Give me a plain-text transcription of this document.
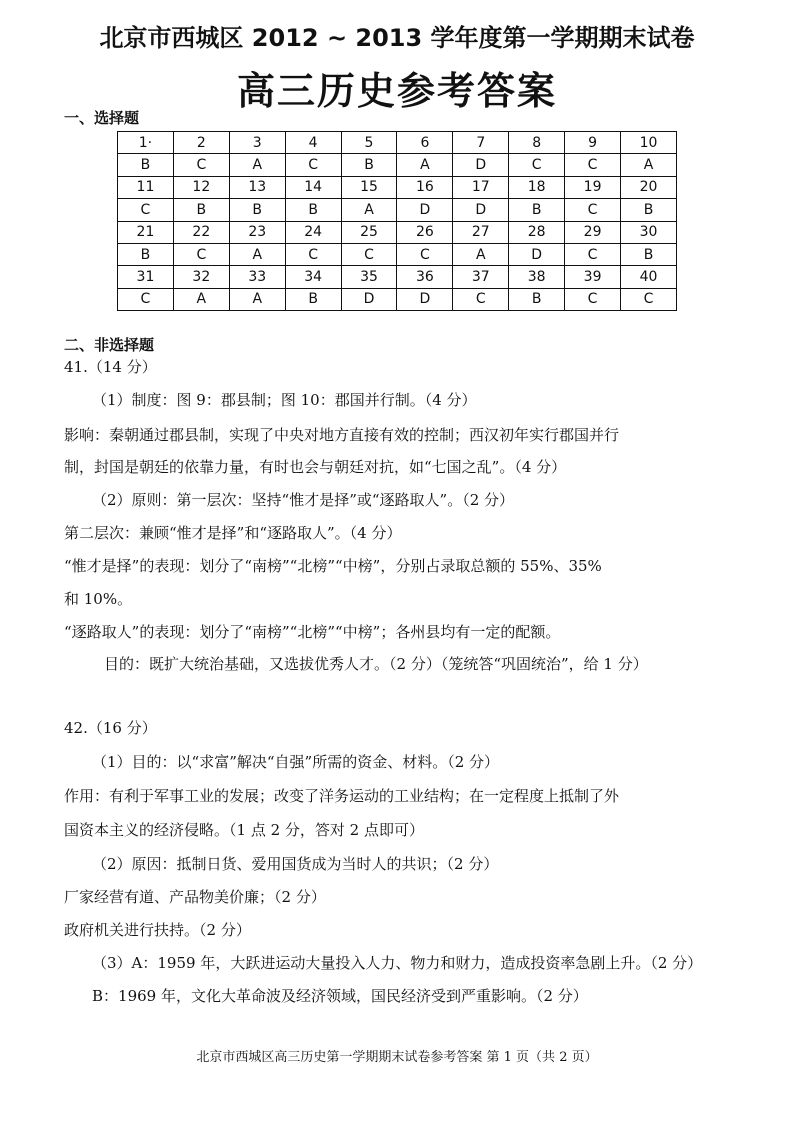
北京市西城区 2012 ~ 2013 学年度第一学期期末试卷
高三历史参考答案
一、选择题
1·	2	3	4	5	6	7	8	9	10
B	C	A	C	B	A	D	C	C	A
11	12	13	14	15	16	17	18	19	20
C	B	B	B	A	D	D	B	C	B
21	22	23	24	25	26	27	28	29	30
B	C	A	C	C	C	A	D	C	B
31	32	33	34	35	36	37	38	39	40
C	A	A	B	D	D	C	B	C	C
二、非选择题
41.（14 分）
（1）制度：图 9：郡县制；图 10：郡国并行制。（4 分）
影响：秦朝通过郡县制，实现了中央对地方直接有效的控制；西汉初年实行郡国并行
制，封国是朝廷的依靠力量，有时也会与朝廷对抗，如“七国之乱”。（4 分）
（2）原则：第一层次：坚持“惟才是择”或“逐路取人”。（2 分）
第二层次：兼顾“惟才是择”和“逐路取人”。（4 分）
“惟才是择”的表现：划分了“南榜”“北榜”“中榜”，分别占录取总额的 55%、35%
和 10%。
“逐路取人”的表现：划分了“南榜”“北榜”“中榜”；各州县均有一定的配额。
目的：既扩大统治基础，又选拔优秀人才。（2 分）（笼统答“巩固统治”，给 1 分）
42.（16 分）
（1）目的：以“求富”解决“自强”所需的资金、材料。（2 分）
作用：有利于军事工业的发展；改变了洋务运动的工业结构；在一定程度上抵制了外
国资本主义的经济侵略。（1 点 2 分，答对 2 点即可）
（2）原因：抵制日货、爱用国货成为当时人的共识；（2 分）
厂家经营有道、产品物美价廉；（2 分）
政府机关进行扶持。（2 分）
（3）A：1959 年，大跃进运动大量投入人力、物力和财力，造成投资率急剧上升。（2 分）
B：1969 年，文化大革命波及经济领域，国民经济受到严重影响。（2 分）
北京市西城区高三历史第一学期期末试卷参考答案 第 1 页（共 2 页）
